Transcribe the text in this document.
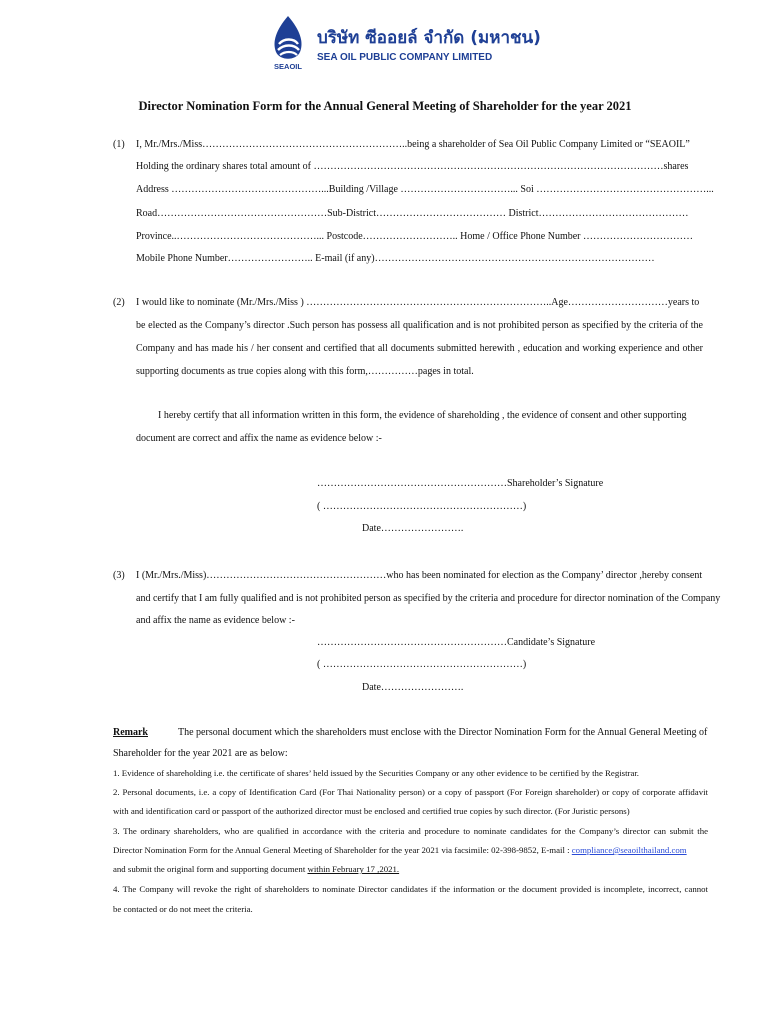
SEAOIL
บริษัท ซีออยล์ จำกัด (มหาชน)
SEA OIL PUBLIC COMPANY LIMITED
Director Nomination Form for the Annual General Meeting of Shareholder for the year 2021
(1) I, Mr./Mrs./Miss……………………………………………………..being a shareholder of Sea Oil Public Company Limited or “SEAOIL”
Holding the ordinary shares total amount of ……………………………………………………………………………………………shares
Address ………………………………………...Building /Village ……………………………... Soi ……………………………………………...
Road……………………………………………Sub-District………………………………… District………………………………………
Province..……………………………………... Postcode……………………….. Home / Office Phone Number ……………………………
Mobile Phone Number…………………….. E-mail (if any)…………………………………………………………………………
(2) I would like to nominate (Mr./Mrs./Miss ) ………………………………………………………………..Age…………………………years to
be elected as the Company’s director .Such person has possess all qualification and is not prohibited person as specified by the criteria of the
Company and has made his / her consent and certified that all documents submitted herewith , education and working experience and other
supporting documents as true copies along with this form,……………pages in total.
I hereby certify that all information written in this form, the evidence of shareholding , the evidence of consent and other supporting
document are correct and affix the name as evidence below :-
…………………………………………………Shareholder’s Signature
( ……………………………………………………)
Date…………………….
(3) I (Mr./Mrs./Miss)………………………………………………who has been nominated for election as the Company’ director ,hereby consent
and certify that I am fully qualified and is not prohibited person as specified by the criteria and procedure for director nomination of the Company
and affix the name as evidence below :-
…………………………………………………Candidate’s Signature
( ……………………………………………………)
Date…………………….
Remark	The personal document which the shareholders must enclose with the Director Nomination Form for the Annual General Meeting of
Shareholder for the year 2021 are as below:
1. Evidence of shareholding i.e. the certificate of shares’ held issued by the Securities Company or any other evidence to be certified by the Registrar.
2. Personal documents, i.e. a copy of Identification Card (For Thai Nationality person) or a copy of passport (For Foreign shareholder) or copy of corporate affidavit
with and identification card or passport of the authorized director must be enclosed and certified true copies by such director. (For Juristic persons)
3. The ordinary shareholders, who are qualified in accordance with the criteria and procedure to nominate candidates for the Company’s director can submit the
Director Nomination Form for the Annual General Meeting of Shareholder for the year 2021 via facsimile: 02-398-9852, E-mail : compliance@seaoilthailand.com
and submit the original form and supporting document within February 17 ,2021.
4. The Company will revoke the right of shareholders to nominate Director candidates if the information or the document provided is incomplete, incorrect, cannot
be contacted or do not meet the criteria.
